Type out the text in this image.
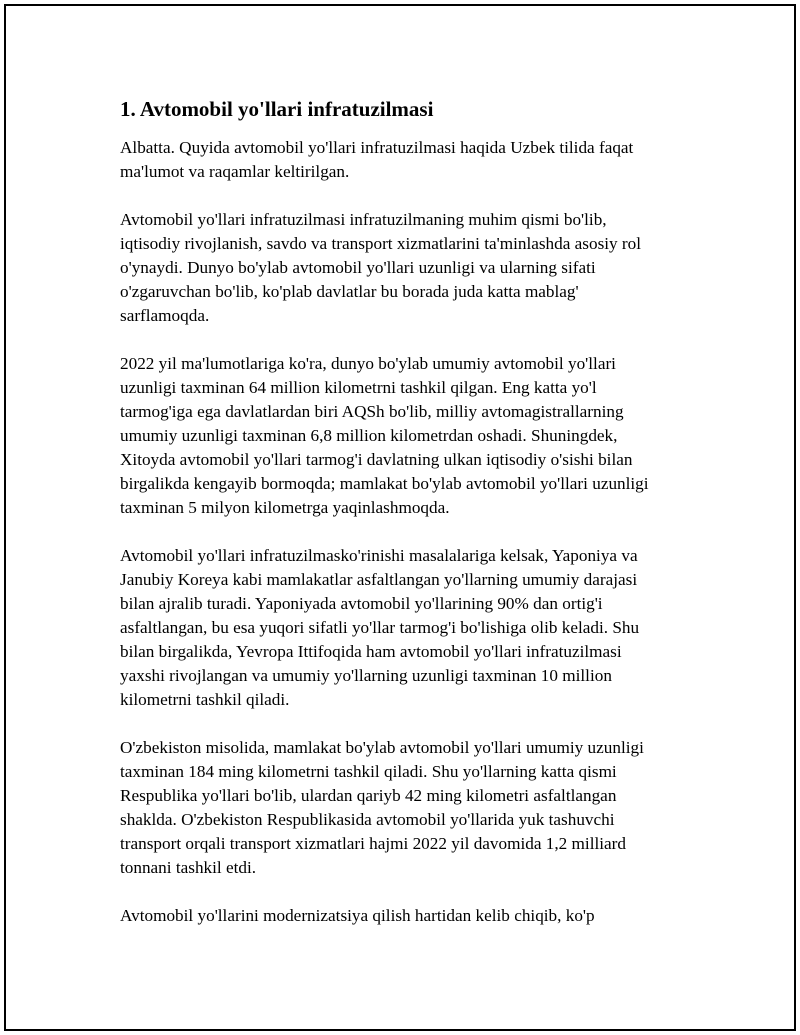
1. Avtomobil yo'llari infratuzilmasi

Albatta. Quyida avtomobil yo'llari infratuzilmasi haqida Uzbek tilida faqat
ma'lumot va raqamlar keltirilgan.

Avtomobil yo'llari infratuzilmasi infratuzilmaning muhim qismi bo'lib,
iqtisodiy rivojlanish, savdo va transport xizmatlarini ta'minlashda asosiy rol
o'ynaydi. Dunyo bo'ylab avtomobil yo'llari uzunligi va ularning sifati
o'zgaruvchan bo'lib, ko'plab davlatlar bu borada juda katta mablag'
sarflamoqda.

2022 yil ma'lumotlariga ko'ra, dunyo bo'ylab umumiy avtomobil yo'llari
uzunligi taxminan 64 million kilometrni tashkil qilgan. Eng katta yo'l
tarmog'iga ega davlatlardan biri AQSh bo'lib, milliy avtomagistrallarning
umumiy uzunligi taxminan 6,8 million kilometrdan oshadi. Shuningdek,
Xitoyda avtomobil yo'llari tarmog'i davlatning ulkan iqtisodiy o'sishi bilan
birgalikda kengayib bormoqda; mamlakat bo'ylab avtomobil yo'llari uzunligi
taxminan 5 milyon kilometrga yaqinlashmoqda.

Avtomobil yo'llari infratuzilmasko'rinishi masalalariga kelsak, Yaponiya va
Janubiy Koreya kabi mamlakatlar asfaltlangan yo'llarning umumiy darajasi
bilan ajralib turadi. Yaponiyada avtomobil yo'llarining 90% dan ortig'i
asfaltlangan, bu esa yuqori sifatli yo'llar tarmog'i bo'lishiga olib keladi. Shu
bilan birgalikda, Yevropa Ittifoqida ham avtomobil yo'llari infratuzilmasi
yaxshi rivojlangan va umumiy yo'llarning uzunligi taxminan 10 million
kilometrni tashkil qiladi.

O'zbekiston misolida, mamlakat bo'ylab avtomobil yo'llari umumiy uzunligi
taxminan 184 ming kilometrni tashkil qiladi. Shu yo'llarning katta qismi
Respublika yo'llari bo'lib, ulardan qariyb 42 ming kilometri asfaltlangan
shaklda. O'zbekiston Respublikasida avtomobil yo'llarida yuk tashuvchi
transport orqali transport xizmatlari hajmi 2022 yil davomida 1,2 milliard
tonnani tashkil etdi.

Avtomobil yo'llarini modernizatsiya qilish hartidan kelib chiqib, ko'p
